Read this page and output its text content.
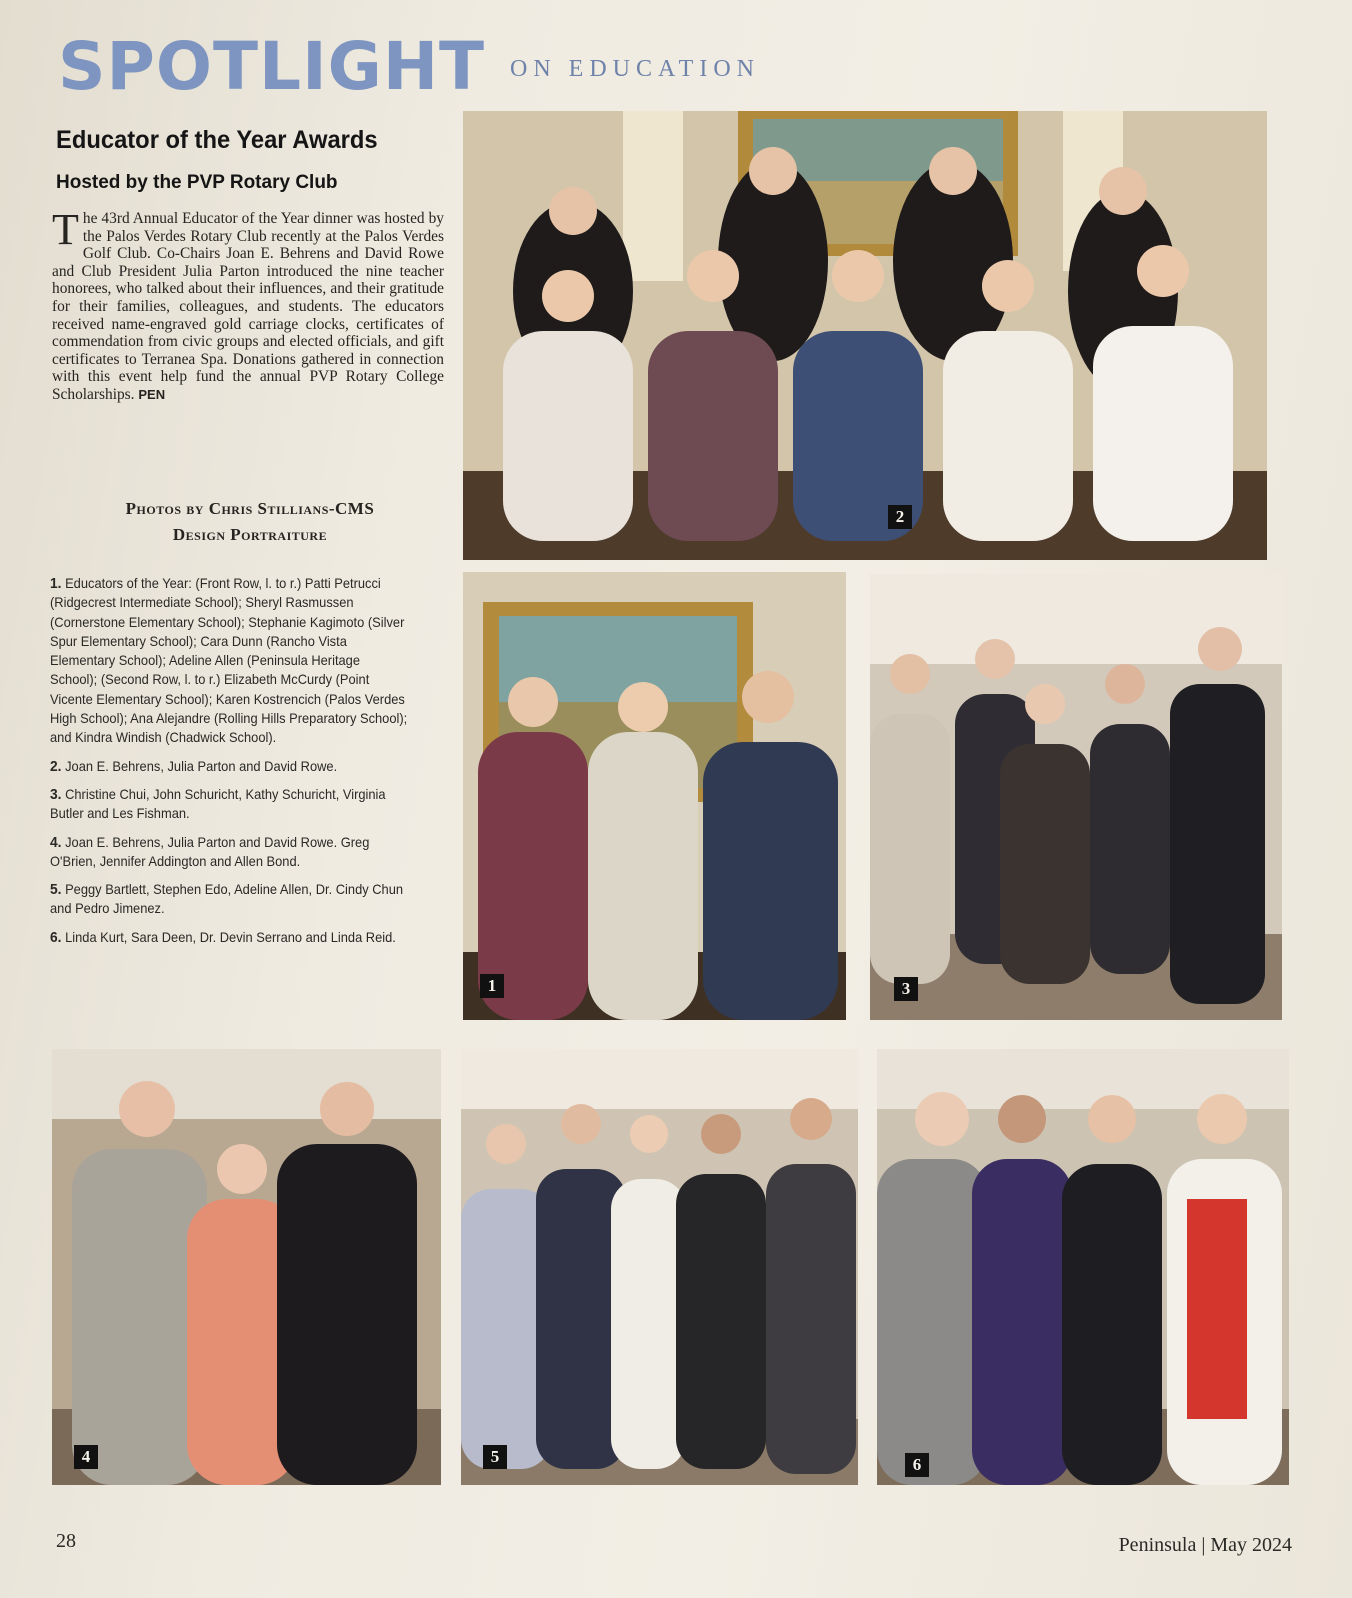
SPOTLIGHT ON EDUCATION
Educator of the Year Awards
Hosted by the PVP Rotary Club

The 43rd Annual Educator of the Year dinner was hosted by the Palos Verdes Rotary Club recently at the Palos Verdes Golf Club. Co-Chairs Joan E. Behrens and David Rowe and Club President Julia Parton introduced the nine teacher honorees, who talked about their influences, and their gratitude for their families, colleagues, and students. The educators received name-engraved gold carriage clocks, certificates of commendation from civic groups and elected officials, and gift certificates to Terranea Spa. Donations gathered in connection with this event help fund the annual PVP Rotary College Scholarships. PEN

Photos by Chris Stillians-CMS
Design Portraiture

1. Educators of the Year: (Front Row, l. to r.) Patti Petrucci (Ridgecrest Intermediate School); Sheryl Rasmussen (Cornerstone Elementary School); Stephanie Kagimoto (Silver Spur Elementary School); Cara Dunn (Rancho Vista Elementary School); Adeline Allen (Peninsula Heritage School); (Second Row, l. to r.) Elizabeth McCurdy (Point Vicente Elementary School); Karen Kostrencich (Palos Verdes High School); Ana Alejandre (Rolling Hills Preparatory School); and Kindra Windish (Chadwick School).

2. Joan E. Behrens, Julia Parton and David Rowe.

3. Christine Chui, John Schuricht, Kathy Schuricht, Virginia Butler and Les Fishman.

4. Joan E. Behrens, Julia Parton and David Rowe. Greg O'Brien, Jennifer Addington and Allen Bond.

5. Peggy Bartlett, Stephen Edo, Adeline Allen, Dr. Cindy Chun and Pedro Jimenez.

6. Linda Kurt, Sara Deen, Dr. Devin Serrano and Linda Reid.

2
1	3
4	5	6
28	Peninsula | May 2024
